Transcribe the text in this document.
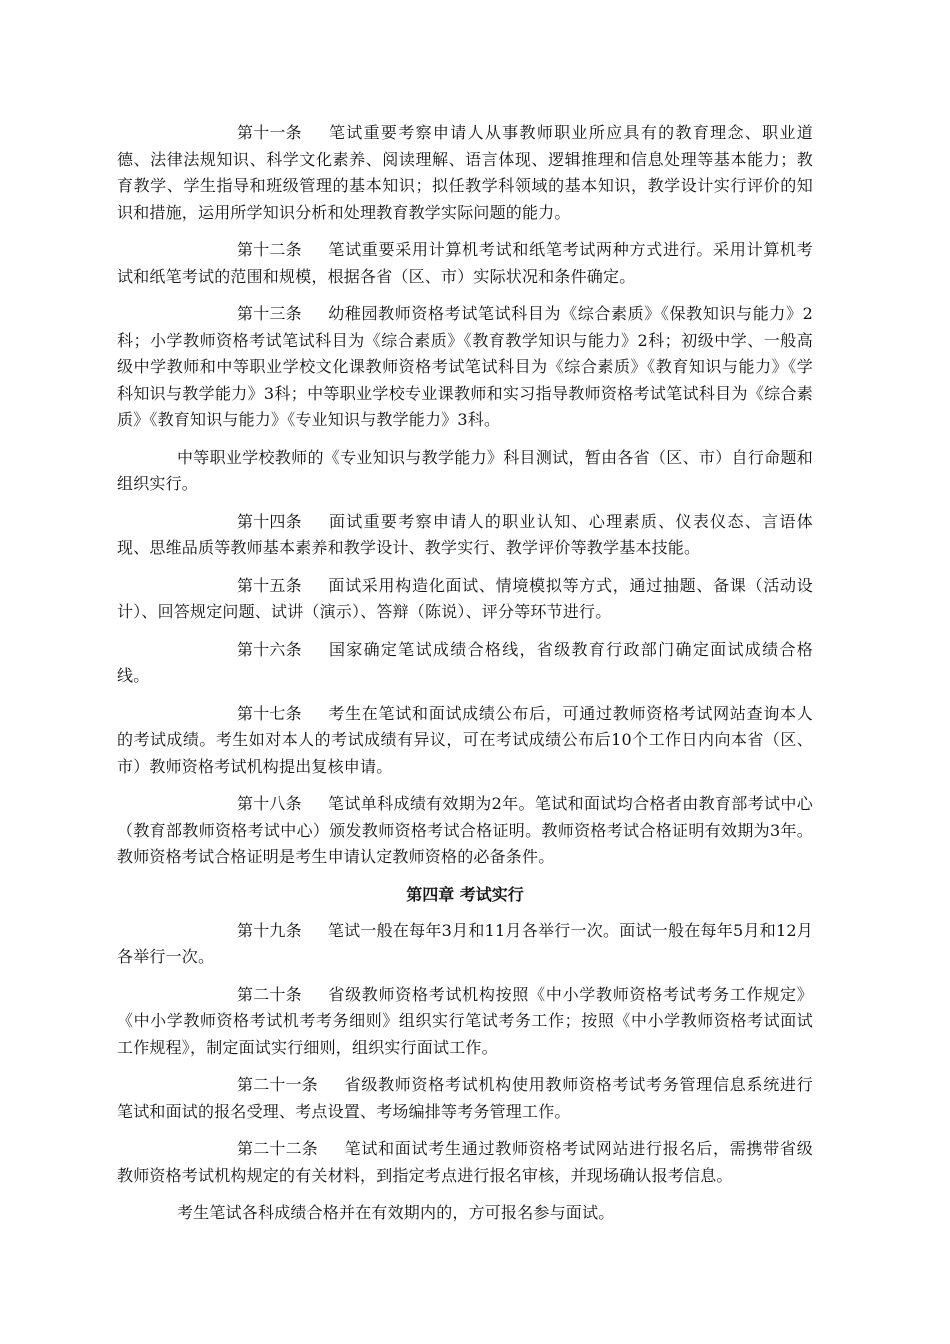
第十一条 笔试重要考察申请人从事教师职业所应具有的教育理念、职业道德、法律法规知识、科学文化素养、阅读理解、语言体现、逻辑推理和信息处理等基本能力；教育教学、学生指导和班级管理的基本知识；拟任教学科领域的基本知识，教学设计实行评价的知识和措施，运用所学知识分析和处理教育教学实际问题的能力。

第十二条 笔试重要采用计算机考试和纸笔考试两种方式进行。采用计算机考试和纸笔考试的范围和规模，根据各省（区、市）实际状况和条件确定。

第十三条 幼稚园教师资格考试笔试科目为《综合素质》《保教知识与能力》2科；小学教师资格考试笔试科目为《综合素质》《教育教学知识与能力》2科；初级中学、一般高级中学教师和中等职业学校文化课教师资格考试笔试科目为《综合素质》《教育知识与能力》《学科知识与教学能力》3科；中等职业学校专业课教师和实习指导教师资格考试笔试科目为《综合素质》《教育知识与能力》《专业知识与教学能力》3科。

中等职业学校教师的《专业知识与教学能力》科目测试，暂由各省（区、市）自行命题和组织实行。

第十四条 面试重要考察申请人的职业认知、心理素质、仪表仪态、言语体现、思维品质等教师基本素养和教学设计、教学实行、教学评价等教学基本技能。

第十五条 面试采用构造化面试、情境模拟等方式，通过抽题、备课（活动设计）、回答规定问题、试讲（演示）、答辩（陈说）、评分等环节进行。

第十六条 国家确定笔试成绩合格线，省级教育行政部门确定面试成绩合格线。

第十七条 考生在笔试和面试成绩公布后，可通过教师资格考试网站查询本人的考试成绩。考生如对本人的考试成绩有异议，可在考试成绩公布后10个工作日内向本省（区、市）教师资格考试机构提出复核申请。

第十八条 笔试单科成绩有效期为2年。笔试和面试均合格者由教育部考试中心（教育部教师资格考试中心）颁发教师资格考试合格证明。教师资格考试合格证明有效期为3年。教师资格考试合格证明是考生申请认定教师资格的必备条件。

第四章 考试实行

第十九条 笔试一般在每年3月和11月各举行一次。面试一般在每年5月和12月各举行一次。

第二十条 省级教师资格考试机构按照《中小学教师资格考试考务工作规定》《中小学教师资格考试机考考务细则》组织实行笔试考务工作；按照《中小学教师资格考试面试工作规程》，制定面试实行细则，组织实行面试工作。

第二十一条 省级教师资格考试机构使用教师资格考试考务管理信息系统进行笔试和面试的报名受理、考点设置、考场编排等考务管理工作。

第二十二条 笔试和面试考生通过教师资格考试网站进行报名后，需携带省级教师资格考试机构规定的有关材料，到指定考点进行报名审核，并现场确认报考信息。

考生笔试各科成绩合格并在有效期内的，方可报名参与面试。
